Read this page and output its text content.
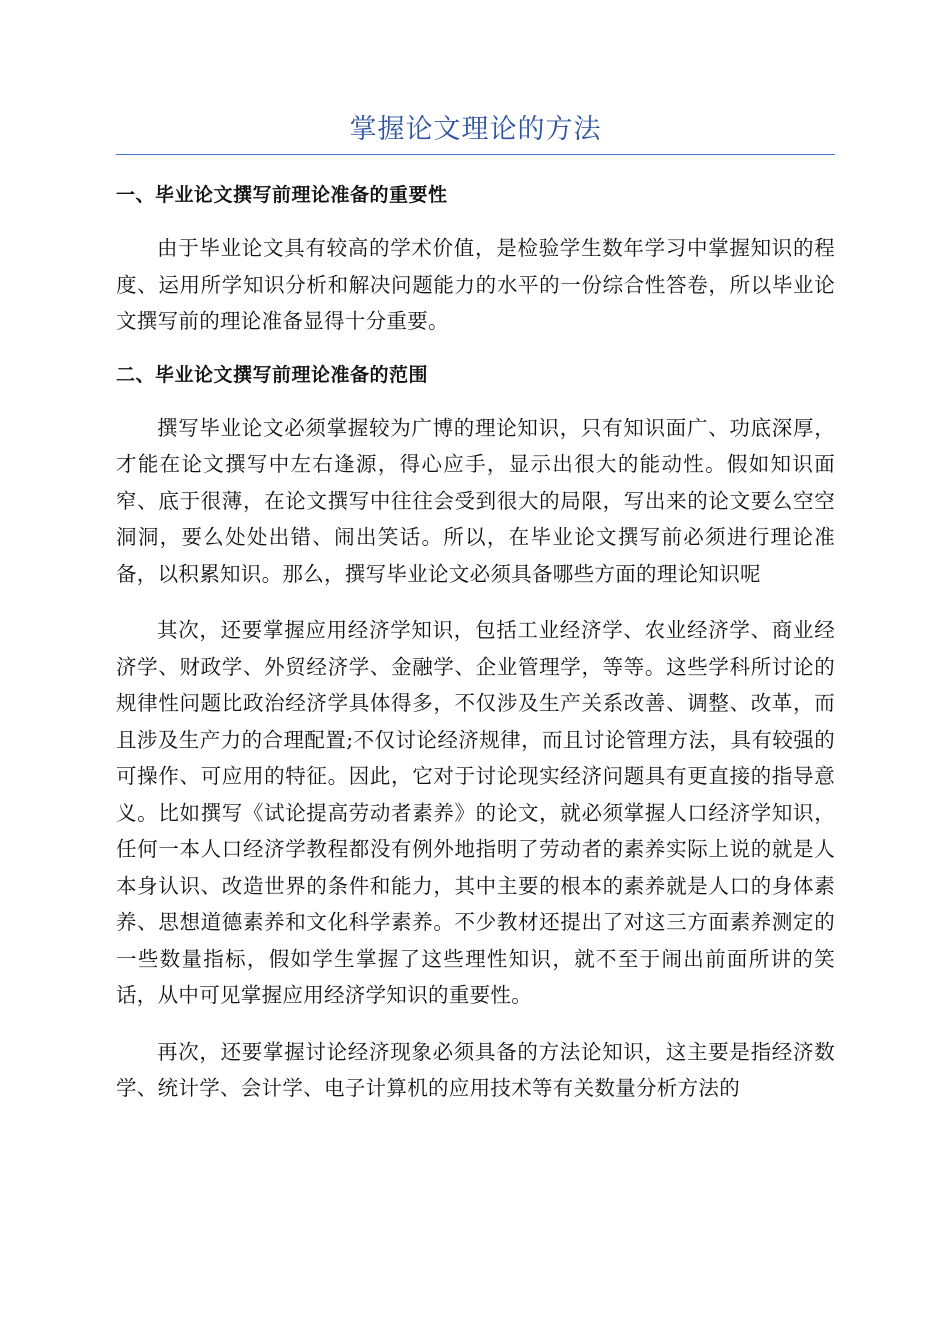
掌握论文理论的方法
一、毕业论文撰写前理论准备的重要性

由于毕业论文具有较高的学术价值，是检验学生数年学习中掌握知识的程度、运用所学知识分析和解决问题能力的水平的一份综合性答卷，所以毕业论文撰写前的理论准备显得十分重要。

二、毕业论文撰写前理论准备的范围

撰写毕业论文必须掌握较为广博的理论知识，只有知识面广、功底深厚，才能在论文撰写中左右逢源，得心应手，显示出很大的能动性。假如知识面窄、底于很薄，在论文撰写中往往会受到很大的局限，写出来的论文要么空空洞洞，要么处处出错、闹出笑话。所以，在毕业论文撰写前必须进行理论准备，以积累知识。那么，撰写毕业论文必须具备哪些方面的理论知识呢

其次，还要掌握应用经济学知识，包括工业经济学、农业经济学、商业经济学、财政学、外贸经济学、金融学、企业管理学，等等。这些学科所讨论的规律性问题比政治经济学具体得多，不仅涉及生产关系改善、调整、改革，而且涉及生产力的合理配置;不仅讨论经济规律，而且讨论管理方法，具有较强的可操作、可应用的特征。因此，它对于讨论现实经济问题具有更直接的指导意义。比如撰写《试论提高劳动者素养》的论文，就必须掌握人口经济学知识，任何一本人口经济学教程都没有例外地指明了劳动者的素养实际上说的就是人本身认识、改造世界的条件和能力，其中主要的根本的素养就是人口的身体素养、思想道德素养和文化科学素养。不少教材还提出了对这三方面素养测定的一些数量指标，假如学生掌握了这些理性知识，就不至于闹出前面所讲的笑话，从中可见掌握应用经济学知识的重要性。

再次，还要掌握讨论经济现象必须具备的方法论知识，这主要是指经济数学、统计学、会计学、电子计算机的应用技术等有关数量分析方法的
